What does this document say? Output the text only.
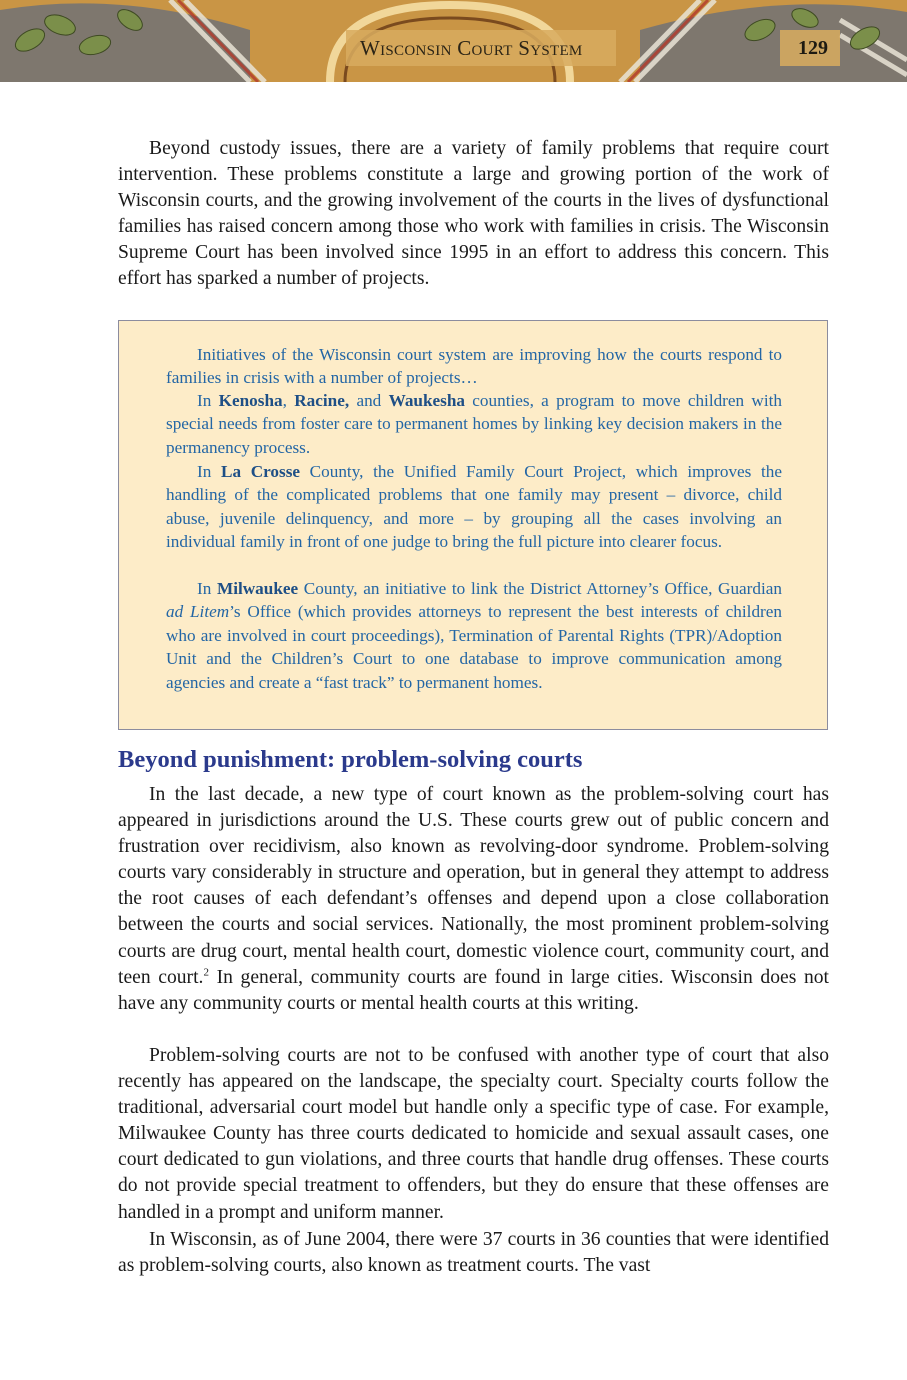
Wisconsin Court System	129

Beyond custody issues, there are a variety of family problems that require court intervention. These problems constitute a large and growing portion of the work of Wisconsin courts, and the growing involvement of the courts in the lives of dysfunctional families has raised concern among those who work with families in crisis. The Wisconsin Supreme Court has been involved since 1995 in an effort to address this concern. This effort has sparked a number of projects.

Initiatives of the Wisconsin court system are improving how the courts respond to families in crisis with a number of projects…

In Kenosha, Racine, and Waukesha counties, a program to move children with special needs from foster care to permanent homes by linking key decision makers in the permanency process.

In La Crosse County, the Unified Family Court Project, which improves the handling of the complicated problems that one family may present – divorce, child abuse, juvenile delinquency, and more – by grouping all the cases involving an individual family in front of one judge to bring the full picture into clearer focus.

In Milwaukee County, an initiative to link the District Attorney’s Office, Guardian ad Litem’s Office (which provides attorneys to represent the best interests of children who are involved in court proceedings), Termination of Parental Rights (TPR)/Adoption Unit and the Children’s Court to one database to improve communication among agencies and create a “fast track” to permanent homes.

Beyond punishment: problem-solving courts

In the last decade, a new type of court known as the problem-solving court has appeared in jurisdictions around the U.S. These courts grew out of public concern and frustration over recidivism, also known as revolving-door syndrome. Problem-solving courts vary considerably in structure and operation, but in general they attempt to address the root causes of each defendant’s offenses and depend upon a close collaboration between the courts and social services. Nationally, the most prominent problem-solving courts are drug court, mental health court, domestic violence court, community court, and teen court.$^2$ In general, community courts are found in large cities. Wisconsin does not have any community courts or mental health courts at this writing.

Problem-solving courts are not to be confused with another type of court that also recently has appeared on the landscape, the specialty court. Specialty courts follow the traditional, adversarial court model but handle only a specific type of case. For example, Milwaukee County has three courts dedicated to homicide and sexual assault cases, one court dedicated to gun violations, and three courts that handle drug offenses. These courts do not provide special treatment to offenders, but they do ensure that these offenses are handled in a prompt and uniform manner.

In Wisconsin, as of June 2004, there were 37 courts in 36 counties that were identified as problem-solving courts, also known as treatment courts. The vast
